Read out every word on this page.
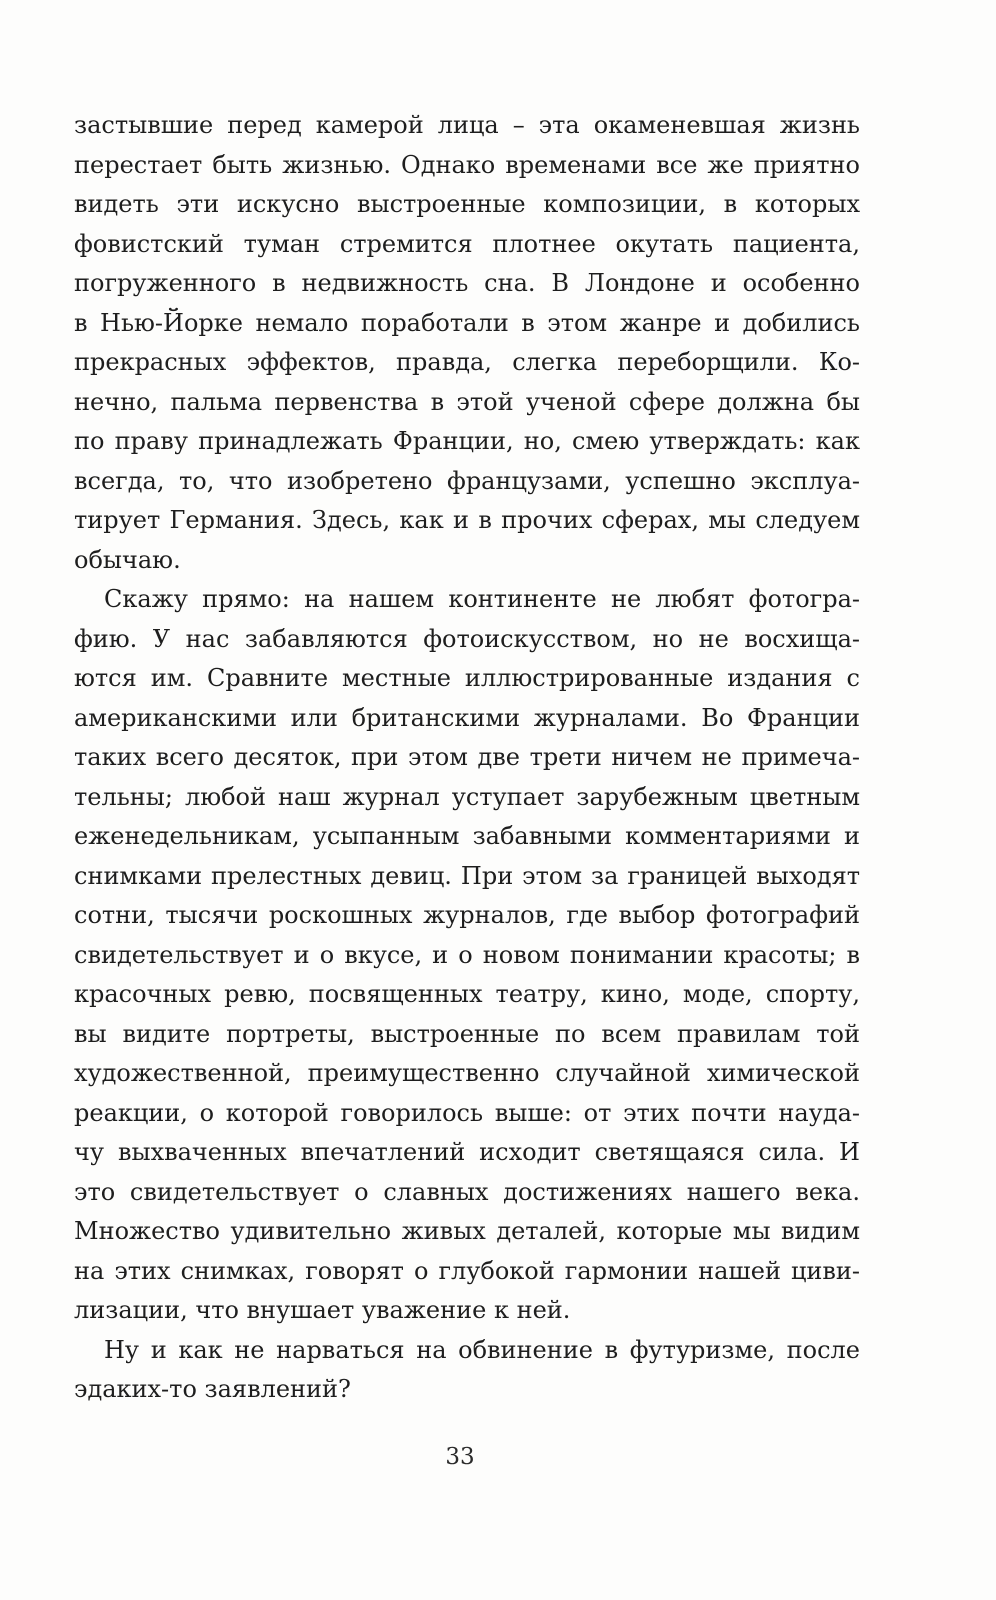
застывшие перед камерой лица – эта окаменевшая жизнь
перестает быть жизнью. Однако временами все же приятно
видеть эти искусно выстроенные композиции, в которых
фовистский туман стремится плотнее окутать пациента,
погруженного в недвижность сна. В Лондоне и особенно
в Нью-Йорке немало поработали в этом жанре и добились
прекрасных эффектов, правда, слегка переборщили. Ко-
нечно, пальма первенства в этой ученой сфере должна бы
по праву принадлежать Франции, но, смею утверждать: как
всегда, то, что изобретено французами, успешно эксплуа-
тирует Германия. Здесь, как и в прочих сферах, мы следуем
обычаю.
Скажу прямо: на нашем континенте не любят фотогра-
фию. У нас забавляются фотоискусством, но не восхища-
ются им. Сравните местные иллюстрированные издания с
американскими или британскими журналами. Во Франции
таких всего десяток, при этом две трети ничем не примеча-
тельны; любой наш журнал уступает зарубежным цветным
еженедельникам, усыпанным забавными комментариями и
снимками прелестных девиц. При этом за границей выходят
сотни, тысячи роскошных журналов, где выбор фотографий
свидетельствует и о вкусе, и о новом понимании красоты; в
красочных ревю, посвященных театру, кино, моде, спорту,
вы видите портреты, выстроенные по всем правилам той
художественной, преимущественно случайной химической
реакции, о которой говорилось выше: от этих почти науда-
чу выхваченных впечатлений исходит светящаяся сила. И
это свидетельствует о славных достижениях нашего века.
Множество удивительно живых деталей, которые мы видим
на этих снимках, говорят о глубокой гармонии нашей циви-
лизации, что внушает уважение к ней.
Ну и как не нарваться на обвинение в футуризме, после
эдаких-то заявлений?
33
